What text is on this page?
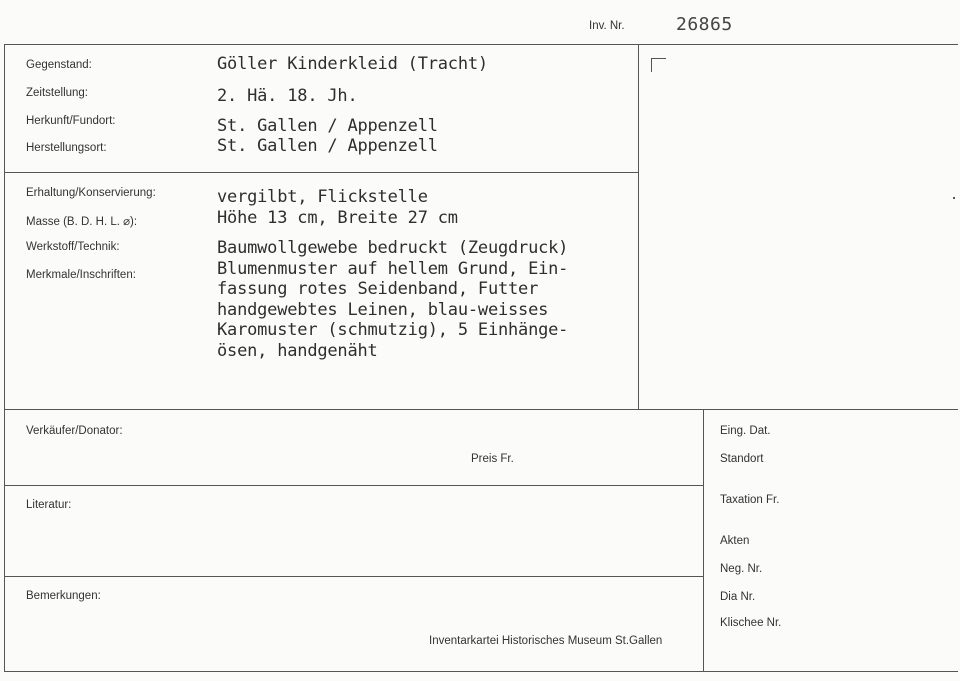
Inv. Nr.	26865
Gegenstand:
Zeitstellung:
Herkunft/Fundort:
Herstellungsort:
Göller Kinderkleid (Tracht)
2. Hä. 18. Jh.
St. Gallen / Appenzell
St. Gallen / Appenzell
Erhaltung/Konservierung:
Masse (B. D. H. L. ⌀):
Werkstoff/Technik:
Merkmale/Inschriften:
vergilbt, Flickstelle
Höhe 13 cm, Breite 27 cm
Baumwollgewebe bedruckt (Zeugdruck)
Blumenmuster auf hellem Grund, Ein-
fassung rotes Seidenband, Futter
handgewebtes Leinen, blau-weisses
Karomuster (schmutzig), 5 Einhänge-
ösen, handgenäht
Verkäufer/Donator:
Preis Fr.
Literatur:
Bemerkungen:
Inventarkartei Historisches Museum St.Gallen
Eing. Dat.
Standort
Taxation Fr.
Akten
Neg. Nr.
Dia Nr.
Klischee Nr.
